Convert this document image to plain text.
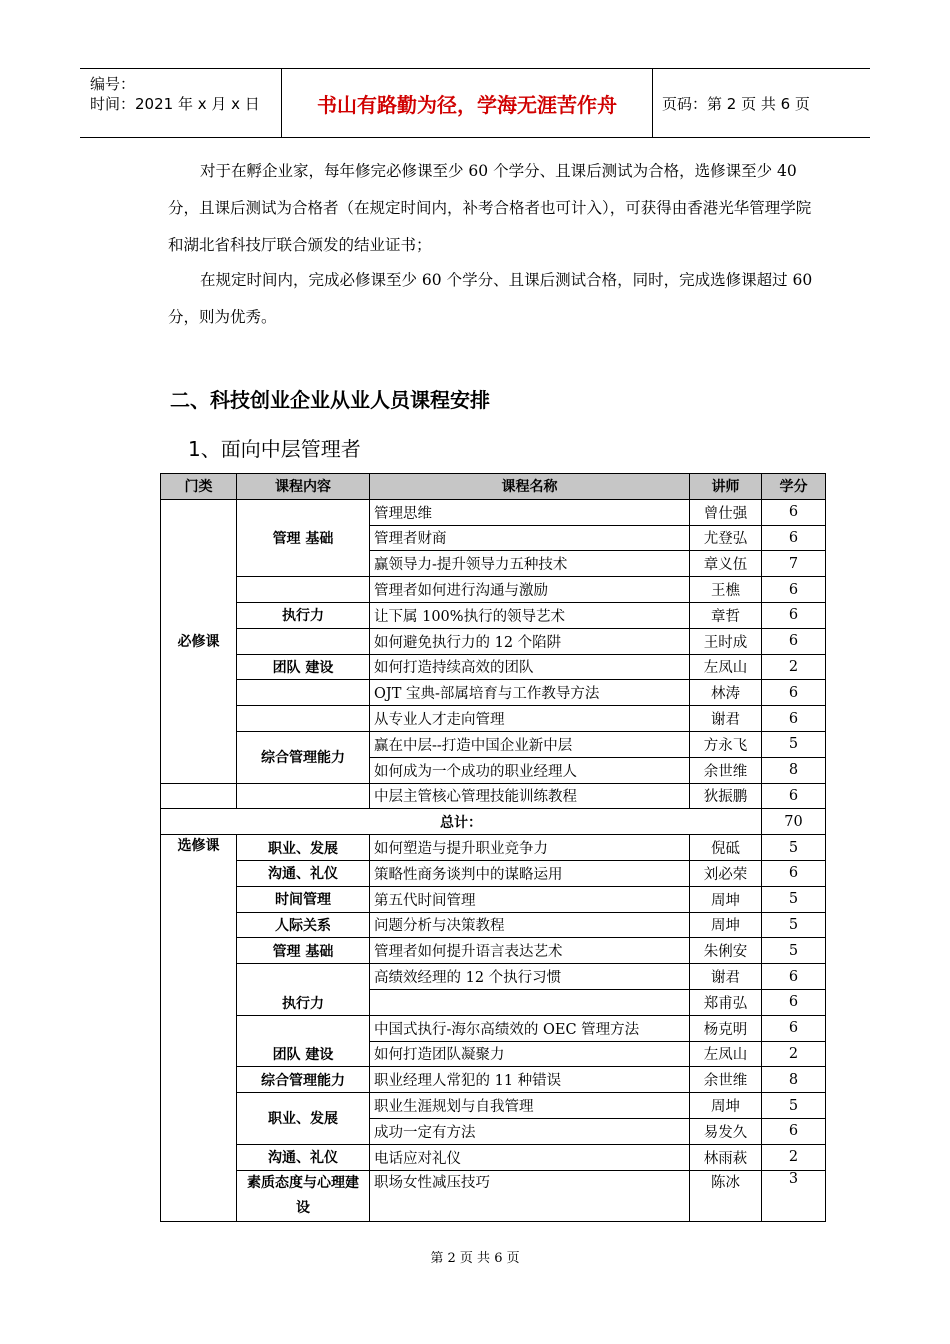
编号：
时间：2021 年 x 月 x 日	书山有路勤为径，学海无涯苦作舟	页码：第 2 页 共 6 页

对于在孵企业家，每年修完必修课至少 60 个学分、且课后测试为合格，选修课至少 40 分，且课后测试为合格者（在规定时间内，补考合格者也可计入），可获得由香港光华管理学院和湖北省科技厅联合颁发的结业证书；

在规定时间内，完成必修课至少 60 个学分、且课后测试合格，同时，完成选修课超过 60 分，则为优秀。

二、科技创业企业从业人员课程安排
1、面向中层管理者
门类	课程内容	课程名称	讲师	学分
必修课	管理 基础	管理思维	曾仕强	6
		管理者财商	尤登弘	6
		赢领导力-提升领导力五种技术	章义伍	7
		管理者如何进行沟通与激励	王樵	6
	执行力	让下属 100%执行的领导艺术	章哲	6
		如何避免执行力的 12 个陷阱	王时成	6
	团队 建设	如何打造持续高效的团队	左凤山	2
		OJT 宝典-部属培育与工作教导方法	林涛	6
		从专业人才走向管理	谢君	6
	综合管理能力	赢在中层--打造中国企业新中层	方永飞	5
		如何成为一个成功的职业经理人	余世维	8
		中层主管核心管理技能训练教程	狄振鹏	6
总计：				70
选修课	职业、发展	如何塑造与提升职业竞争力	倪砥	5
	沟通、礼仪	策略性商务谈判中的谋略运用	刘必荣	6
	时间管理	第五代时间管理	周坤	5
	人际关系	问题分析与决策教程	周坤	5
	管理 基础	管理者如何提升语言表达艺术	朱俐安	5
	执行力	高绩效经理的 12 个执行习惯	谢君	6
			郑甫弘	6
	团队 建设	中国式执行-海尔高绩效的 OEC 管理方法	杨克明	6
		如何打造团队凝聚力	左凤山	2
	综合管理能力	职业经理人常犯的 11 种错误	余世维	8
	职业、发展	职业生涯规划与自我管理	周坤	5
		成功一定有方法	易发久	6
	沟通、礼仪	电话应对礼仪	林雨萩	2
	素质态度与心理建设	职场女性减压技巧	陈冰	3
第 2 页 共 6 页
